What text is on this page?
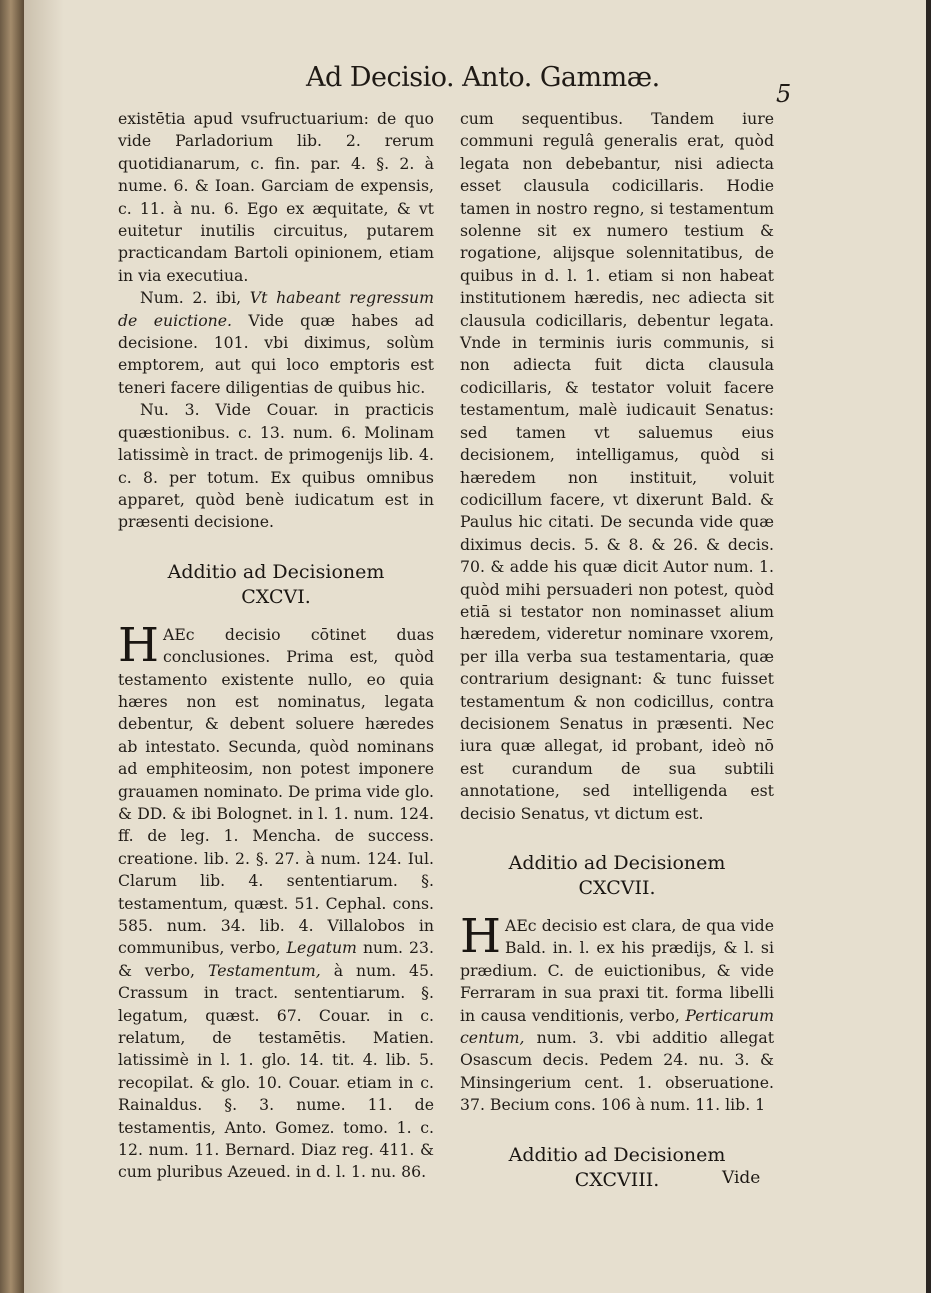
Ad Decisio. Anto. Gammæ.
5

existētia apud vsufructuarium: de quo vide Parladorium lib. 2. rerum quotidianarum, c. fin. par. 4. §. 2. à nume. 6. & Ioan. Garciam de expensis, c. 11. à nu. 6. Ego ex æquitate, & vt euitetur inutilis circuitus, putarem practicandam Bartoli opinionem, etiam in via executiua.

Num. 2. ibi, Vt habeant regressum de euictione. Vide quæ habes ad decisione. 101. vbi diximus, solùm emptorem, aut qui loco emptoris est teneri facere diligentias de quibus hic.

Nu. 3. Vide Couar. in practicis quæstionibus. c. 13. num. 6. Molinam latissimè in tract. de primogenijs lib. 4. c. 8. per totum. Ex quibus omnibus apparet, quòd benè iudicatum est in præsenti decisione.

Additio ad Decisionem
CXCVI.

H AEc decisio cōtinet duas conclusiones. Prima est, quòd testamento existente nullo, eo quia hæres non est nominatus, legata debentur, & debent soluere hæredes ab intestato. Secunda, quòd nominans ad emphiteosim, non potest imponere grauamen nominato. De prima vide glo. & DD. & ibi Bolognet. in l. 1. num. 124. ff. de leg. 1. Mencha. de success. creatione. lib. 2. §. 27. à num. 124. Iul. Clarum lib. 4. sententiarum. §. testamentum, quæst. 51. Cephal. cons. 585. num. 34. lib. 4. Villalobos in communibus, verbo, Legatum num. 23. & verbo, Testamentum, à num. 45. Crassum in tract. sententiarum. §. legatum, quæst. 67. Couar. in c. relatum, de testamētis. Matien. latissimè in l. 1. glo. 14. tit. 4. lib. 5. recopilat. & glo. 10. Couar. etiam in c. Rainaldus. §. 3. nume. 11. de testamentis, Anto. Gomez. tomo. 1. c. 12. num. 11. Bernard. Diaz reg. 411. & cum pluribus Azeued. in d. l. 1. nu. 86.

cum sequentibus. Tandem iure communi regulâ generalis erat, quòd legata non debebantur, nisi adiecta esset clausula codicillaris. Hodie tamen in nostro regno, si testamentum solenne sit ex numero testium & rogatione, alijsque solennitatibus, de quibus in d. l. 1. etiam si non habeat institutionem hæredis, nec adiecta sit clausula codicillaris, debentur legata. Vnde in terminis iuris communis, si non adiecta fuit dicta clausula codicillaris, & testator voluit facere testamentum, malè iudicauit Senatus: sed tamen vt saluemus eius decisionem, intelligamus, quòd si hæredem non instituit, voluit codicillum facere, vt dixerunt Bald. & Paulus hic citati. De secunda vide quæ diximus decis. 5. & 8. & 26. & decis. 70. & adde his quæ dicit Autor num. 1. quòd mihi persuaderi non potest, quòd etiā si testator non nominasset alium hæredem, videretur nominare vxorem, per illa verba sua testamentaria, quæ contrarium designant: & tunc fuisset testamentum & non codicillus, contra decisionem Senatus in præsenti. Nec iura quæ allegat, id probant, ideò nō est curandum de sua subtili annotatione, sed intelligenda est decisio Senatus, vt dictum est.

Additio ad Decisionem
CXCVII.

H AEc decisio est clara, de qua vide Bald. in. l. ex his prædijs, & l. si prædium. C. de euictionibus, & vide Ferraram in sua praxi tit. forma libelli in causa venditionis, verbo, Perticarum centum, num. 3. vbi additio allegat Osascum decis. Pedem 24. nu. 3. & Minsingerium cent. 1. obseruatione. 37. Becium cons. 106 à num. 11. lib. 1

Additio ad Decisionem
CXCVIII.	Vide
